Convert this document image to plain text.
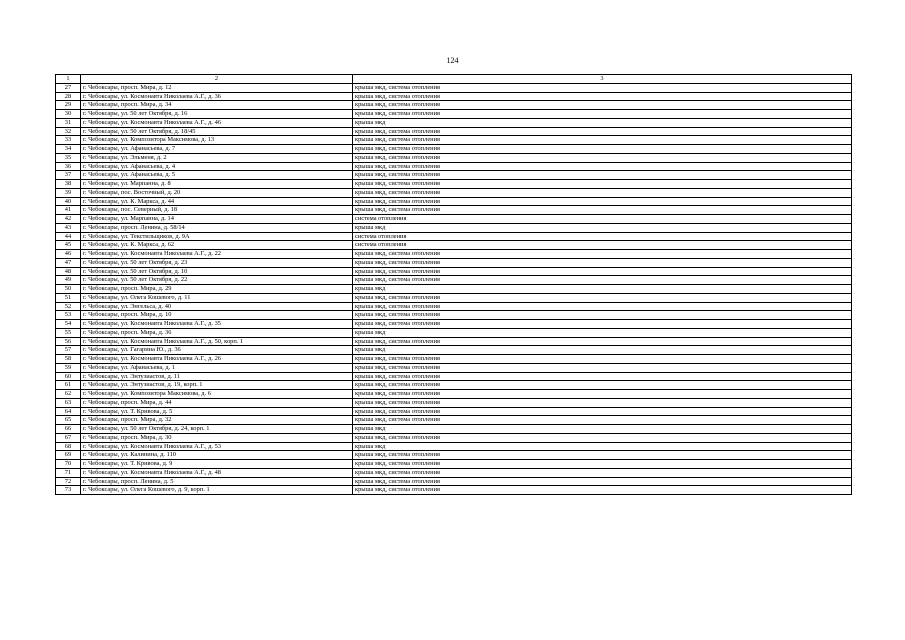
124
1	2	3
27	г. Чебоксары, просп. Мира, д. 12	крыша мкд, система отопления
28	г. Чебоксары, ул. Космонавта Николаева А.Г., д. 36	крыша мкд, система отопления
29	г. Чебоксары, просп. Мира, д. 34	крыша мкд, система отопления
30	г. Чебоксары, ул. 50 лет Октября, д. 16	крыша мкд, система отопления
31	г. Чебоксары, ул. Космонавта Николаева А.Г., д. 46	крыша мкд
32	г. Чебоксары, ул. 50 лет Октября, д. 18/45	крыша мкд, система отопления
33	г. Чебоксары, ул. Композитора Максимова, д. 13	крыша мкд, система отопления
34	г. Чебоксары, ул. Афанасьева, д. 7	крыша мкд, система отопления
35	г. Чебоксары, ул. Эльменя, д. 2	крыша мкд, система отопления
36	г. Чебоксары, ул. Афанасьева, д. 4	крыша мкд, система отопления
37	г. Чебоксары, ул. Афанасьева, д. 5	крыша мкд, система отопления
38	г. Чебоксары, ул. Марпанна, д. 8	крыша мкд, система отопления
39	г. Чебоксары, пос. Восточный, д. 20	крыша мкд, система отопления
40	г. Чебоксары, ул. К. Маркса, д. 44	крыша мкд, система отопления
41	г. Чебоксары, пос. Северный, д. 18	крыша мкд, система отопления
42	г. Чебоксары, ул. Марпанна, д. 14	система отопления
43	г. Чебоксары, просп. Ленина, д. 58/14	крыша мкд
44	г. Чебоксары, ул. Текстильщиков, д. 9А	система отопления
45	г. Чебоксары, ул. К. Маркса, д. 62	система отопления
46	г. Чебоксары, ул. Космонавта Николаева А.Г., д. 22	крыша мкд, система отопления
47	г. Чебоксары, ул. 50 лет Октября, д. 23	крыша мкд, система отопления
48	г. Чебоксары, ул. 50 лет Октября, д. 10	крыша мкд, система отопления
49	г. Чебоксары, ул. 50 лет Октября, д. 22	крыша мкд, система отопления
50	г. Чебоксары, просп. Мира, д. 29	крыша мкд
51	г. Чебоксары, ул. Олега Кошевого, д. 11	крыша мкд, система отопления
52	г. Чебоксары, ул. Энгельса, д. 40	крыша мкд, система отопления
53	г. Чебоксары, просп. Мира, д. 10	крыша мкд, система отопления
54	г. Чебоксары, ул. Космонавта Николаева А.Г., д. 35	крыша мкд, система отопления
55	г. Чебоксары, просп. Мира, д. 36	крыша мкд
56	г. Чебоксары, ул. Космонавта Николаева А.Г., д. 50, корп. 1	крыша мкд, система отопления
57	г. Чебоксары, ул. Гагарина Ю., д. 36	крыша мкд
58	г. Чебоксары, ул. Космонавта Николаева А.Г., д. 26	крыша мкд, система отопления
59	г. Чебоксары, ул. Афанасьева, д. 1	крыша мкд, система отопления
60	г. Чебоксары, ул. Энтузиастов, д. 11	крыша мкд, система отопления
61	г. Чебоксары, ул. Энтузиастов, д. 19, корп. 1	крыша мкд, система отопления
62	г. Чебоксары, ул. Композитора Максимова, д. 6	крыша мкд, система отопления
63	г. Чебоксары, просп. Мира, д. 44	крыша мкд, система отопления
64	г. Чебоксары, ул. Т. Кривова, д. 5	крыша мкд, система отопления
65	г. Чебоксары, просп. Мира, д. 32	крыша мкд, система отопления
66	г. Чебоксары, ул. 50 лет Октября, д. 24, корп. 1	крыша мкд
67	г. Чебоксары, просп. Мира, д. 30	крыша мкд, система отопления
68	г. Чебоксары, ул. Космонавта Николаева А.Г., д. 53	крыша мкд
69	г. Чебоксары, ул. Калинина, д. 110	крыша мкд, система отопления
70	г. Чебоксары, ул. Т. Кривова, д. 9	крыша мкд, система отопления
71	г. Чебоксары, ул. Космонавта Николаева А.Г., д. 48	крыша мкд, система отопления
72	г. Чебоксары, просп. Ленина, д. 5	крыша мкд, система отопления
73	г. Чебоксары, ул. Олега Кошевого, д. 9, корп. 1	крыша мкд, система отопления
